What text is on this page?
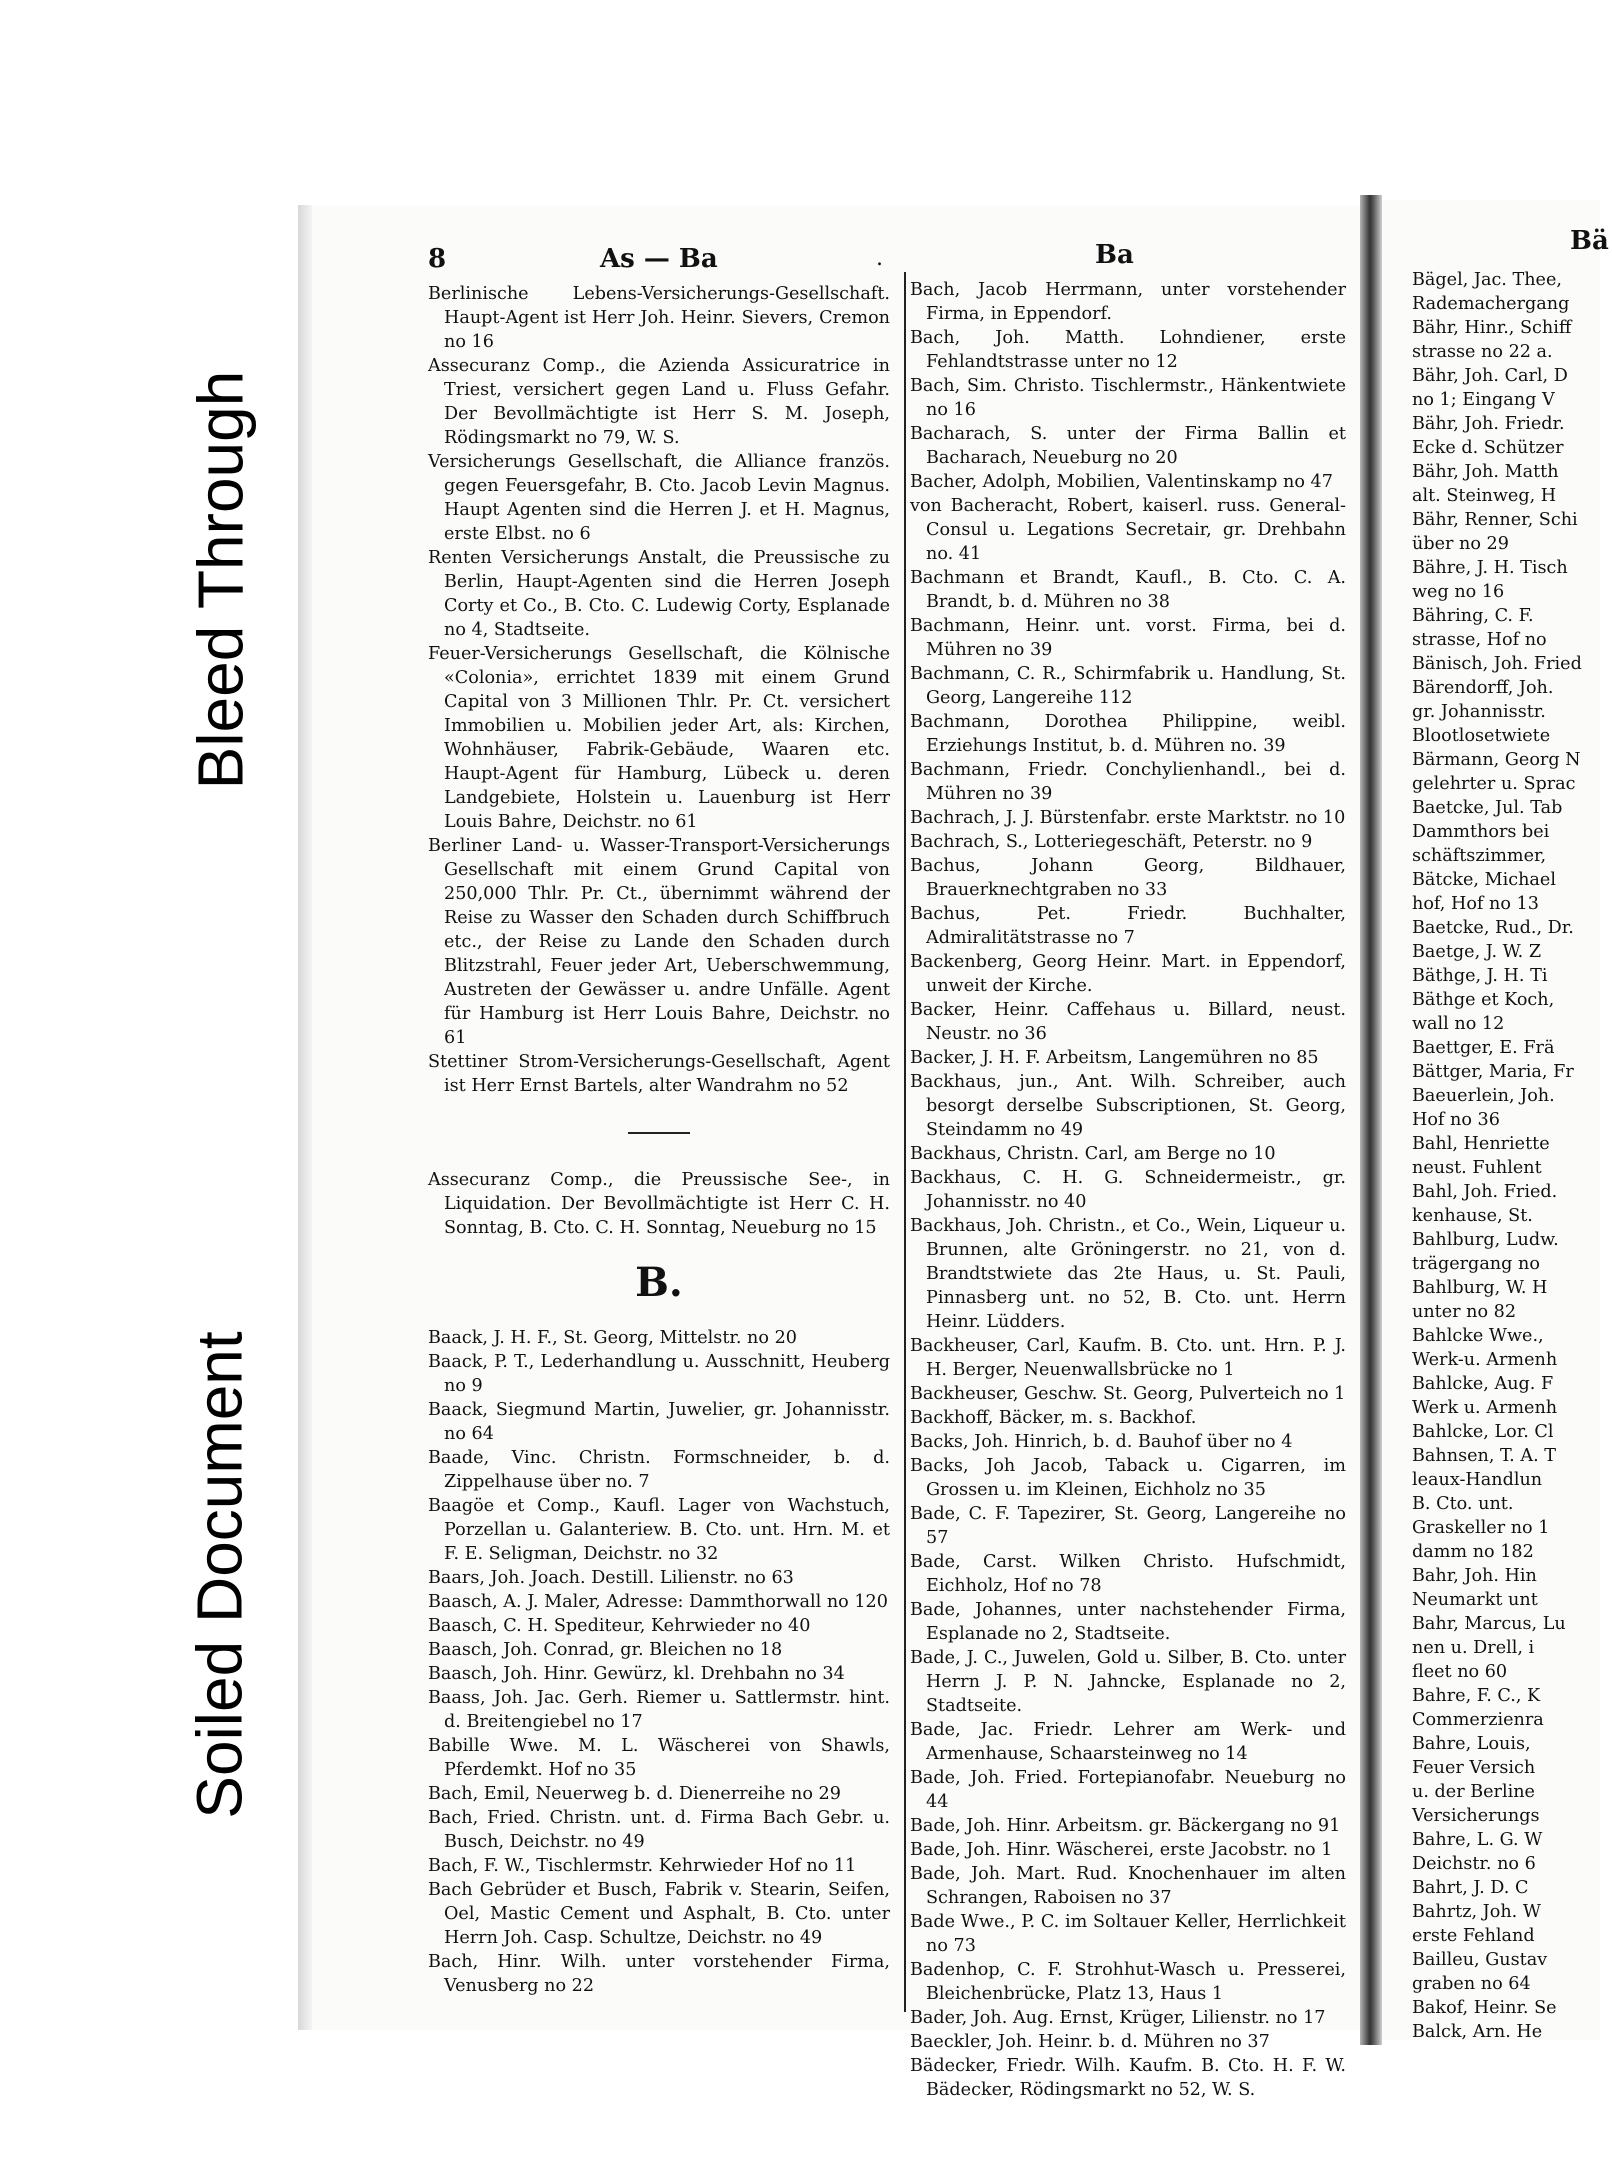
Bleed Through
Soiled Document
Bä

Bägel, Jac. Thee,

Rademachergang

Bähr, Hinr., Schiff

strasse no 22 a.

Bähr, Joh. Carl, D

no 1; Eingang V

Bähr, Joh. Friedr.

Ecke d. Schützer

Bähr, Joh. Matth

alt. Steinweg, H

Bähr, Renner, Schi

über no 29

Bähre, J. H. Tisch

weg no 16

Bähring, C. F.

strasse, Hof no

Bänisch, Joh. Fried

Bärendorff, Joh.

gr. Johannisstr.

Blootlosetwiete

Bärmann, Georg N

gelehrter u. Sprac

Baetcke, Jul. Tab

Dammthors bei

schäftszimmer,

Bätcke, Michael

hof, Hof no 13

Baetcke, Rud., Dr.

Baetge, J. W. Z

Bäthge, J. H. Ti

Bäthge et Koch,

wall no 12

Baettger, E. Frä

Bättger, Maria, Fr

Baeuerlein, Joh.

Hof no 36

Bahl, Henriette

neust. Fuhlent

Bahl, Joh. Fried.

kenhause, St.

Bahlburg, Ludw.

trägergang no

Bahlburg, W. H

unter no 82

Bahlcke Wwe.,

Werk-u. Armenh

Bahlcke, Aug. F

Werk u. Armenh

Bahlcke, Lor. Cl

Bahnsen, T. A. T

leaux-Handlun

B. Cto. unt.

Graskeller no 1

damm no 182

Bahr, Joh. Hin

Neumarkt unt

Bahr, Marcus, Lu

nen u. Drell, i

fleet no 60

Bahre, F. C., K

Commerzienra

Bahre, Louis,

Feuer Versich

u. der Berline

Versicherungs

Bahre, L. G. W

Deichstr. no 6

Bahrt, J. D. C

Bahrtz, Joh. W

erste Fehland

Bailleu, Gustav

graben no 64

Bakof, Heinr. Se

Balck, Arn. He

8	As — Ba	.	Ba

Berlinische Lebens-Versicherungs-Gesellschaft. Haupt-Agent ist Herr Joh. Heinr. Sievers, Cremon no 16

Assecuranz Comp., die Azienda Assicuratrice in Triest, versichert gegen Land u. Fluss Gefahr. Der Bevollmächtigte ist Herr S. M. Joseph, Rödingsmarkt no 79, W. S.

Versicherungs Gesellschaft, die Alliance französ. gegen Feuersgefahr, B. Cto. Jacob Levin Magnus. Haupt Agenten sind die Herren J. et H. Magnus, erste Elbst. no 6

Renten Versicherungs Anstalt, die Preussische zu Berlin, Haupt-Agenten sind die Herren Joseph Corty et Co., B. Cto. C. Ludewig Corty, Esplanade no 4, Stadtseite.

Feuer-Versicherungs Gesellschaft, die Kölnische «Colonia», errichtet 1839 mit einem Grund Capital von 3 Millionen Thlr. Pr. Ct. versichert Immobilien u. Mobilien jeder Art, als: Kirchen, Wohnhäuser, Fabrik-Gebäude, Waaren etc. Haupt-Agent für Hamburg, Lübeck u. deren Landgebiete, Holstein u. Lauenburg ist Herr Louis Bahre, Deichstr. no 61

Berliner Land- u. Wasser-Transport-Versicherungs Gesellschaft mit einem Grund Capital von 250,000 Thlr. Pr. Ct., übernimmt während der Reise zu Wasser den Schaden durch Schiffbruch etc., der Reise zu Lande den Schaden durch Blitzstrahl, Feuer jeder Art, Ueberschwemmung, Austreten der Gewässer u. andre Unfälle. Agent für Hamburg ist Herr Louis Bahre, Deichstr. no 61

Stettiner Strom-Versicherungs-Gesellschaft, Agent ist Herr Ernst Bartels, alter Wandrahm no 52

Assecuranz Comp., die Preussische See-, in Liquidation. Der Bevollmächtigte ist Herr C. H. Sonntag, B. Cto. C. H. Sonntag, Neueburg no 15

B.

Baack, J. H. F., St. Georg, Mittelstr. no 20

Baack, P. T., Lederhandlung u. Ausschnitt, Heuberg no 9

Baack, Siegmund Martin, Juwelier, gr. Johannisstr. no 64

Baade, Vinc. Christn. Formschneider, b. d. Zippelhause über no. 7

Baagöe et Comp., Kaufl. Lager von Wachstuch, Porzellan u. Galanteriew. B. Cto. unt. Hrn. M. et F. E. Seligman, Deichstr. no 32

Baars, Joh. Joach. Destill. Lilienstr. no 63

Baasch, A. J. Maler, Adresse: Dammthorwall no 120

Baasch, C. H. Spediteur, Kehrwieder no 40

Baasch, Joh. Conrad, gr. Bleichen no 18

Baasch, Joh. Hinr. Gewürz, kl. Drehbahn no 34

Baass, Joh. Jac. Gerh. Riemer u. Sattlermstr. hint. d. Breitengiebel no 17

Babille Wwe. M. L. Wäscherei von Shawls, Pferdemkt. Hof no 35

Bach, Emil, Neuerweg b. d. Dienerreihe no 29

Bach, Fried. Christn. unt. d. Firma Bach Gebr. u. Busch, Deichstr. no 49

Bach, F. W., Tischlermstr. Kehrwieder Hof no 11

Bach Gebrüder et Busch, Fabrik v. Stearin, Seifen, Oel, Mastic Cement und Asphalt, B. Cto. unter Herrn Joh. Casp. Schultze, Deichstr. no 49

Bach, Hinr. Wilh. unter vorstehender Firma, Venusberg no 22

Bach, Jacob Herrmann, unter vorstehender Firma, in Eppendorf.

Bach, Joh. Matth. Lohndiener, erste Fehlandtstrasse unter no 12

Bach, Sim. Christo. Tischlermstr., Hänkentwiete no 16

Bacharach, S. unter der Firma Ballin et Bacharach, Neueburg no 20

Bacher, Adolph, Mobilien, Valentinskamp no 47

von Bacheracht, Robert, kaiserl. russ. General-Consul u. Legations Secretair, gr. Drehbahn no. 41

Bachmann et Brandt, Kaufl., B. Cto. C. A. Brandt, b. d. Mühren no 38

Bachmann, Heinr. unt. vorst. Firma, bei d. Mühren no 39

Bachmann, C. R., Schirmfabrik u. Handlung, St. Georg, Langereihe 112

Bachmann, Dorothea Philippine, weibl. Erziehungs Institut, b. d. Mühren no. 39

Bachmann, Friedr. Conchylienhandl., bei d. Mühren no 39

Bachrach, J. J. Bürstenfabr. erste Marktstr. no 10

Bachrach, S., Lotteriegeschäft, Peterstr. no 9

Bachus, Johann Georg, Bildhauer, Brauerknechtgraben no 33

Bachus, Pet. Friedr. Buchhalter, Admiralitätstrasse no 7

Backenberg, Georg Heinr. Mart. in Eppendorf, unweit der Kirche.

Backer, Heinr. Caffehaus u. Billard, neust. Neustr. no 36

Backer, J. H. F. Arbeitsm, Langemühren no 85

Backhaus, jun., Ant. Wilh. Schreiber, auch besorgt derselbe Subscriptionen, St. Georg, Steindamm no 49

Backhaus, Christn. Carl, am Berge no 10

Backhaus, C. H. G. Schneidermeistr., gr. Johannisstr. no 40

Backhaus, Joh. Christn., et Co., Wein, Liqueur u. Brunnen, alte Gröningerstr. no 21, von d. Brandtstwiete das 2te Haus, u. St. Pauli, Pinnasberg unt. no 52, B. Cto. unt. Herrn Heinr. Lüdders.

Backheuser, Carl, Kaufm. B. Cto. unt. Hrn. P. J. H. Berger, Neuenwallsbrücke no 1

Backheuser, Geschw. St. Georg, Pulverteich no 1

Backhoff, Bäcker, m. s. Backhof.

Backs, Joh. Hinrich, b. d. Bauhof über no 4

Backs, Joh Jacob, Taback u. Cigarren, im Grossen u. im Kleinen, Eichholz no 35

Bade, C. F. Tapezirer, St. Georg, Langereihe no 57

Bade, Carst. Wilken Christo. Hufschmidt, Eichholz, Hof no 78

Bade, Johannes, unter nachstehender Firma, Esplanade no 2, Stadtseite.

Bade, J. C., Juwelen, Gold u. Silber, B. Cto. unter Herrn J. P. N. Jahncke, Esplanade no 2, Stadtseite.

Bade, Jac. Friedr. Lehrer am Werk- und Armenhause, Schaarsteinweg no 14

Bade, Joh. Fried. Fortepianofabr. Neueburg no 44

Bade, Joh. Hinr. Arbeitsm. gr. Bäckergang no 91

Bade, Joh. Hinr. Wäscherei, erste Jacobstr. no 1

Bade, Joh. Mart. Rud. Knochenhauer im alten Schrangen, Raboisen no 37

Bade Wwe., P. C. im Soltauer Keller, Herrlichkeit no 73

Badenhop, C. F. Strohhut-Wasch u. Presserei, Bleichenbrücke, Platz 13, Haus 1

Bader, Joh. Aug. Ernst, Krüger, Lilienstr. no 17

Baeckler, Joh. Heinr. b. d. Mühren no 37

Bädecker, Friedr. Wilh. Kaufm. B. Cto. H. F. W. Bädecker, Rödingsmarkt no 52, W. S.
